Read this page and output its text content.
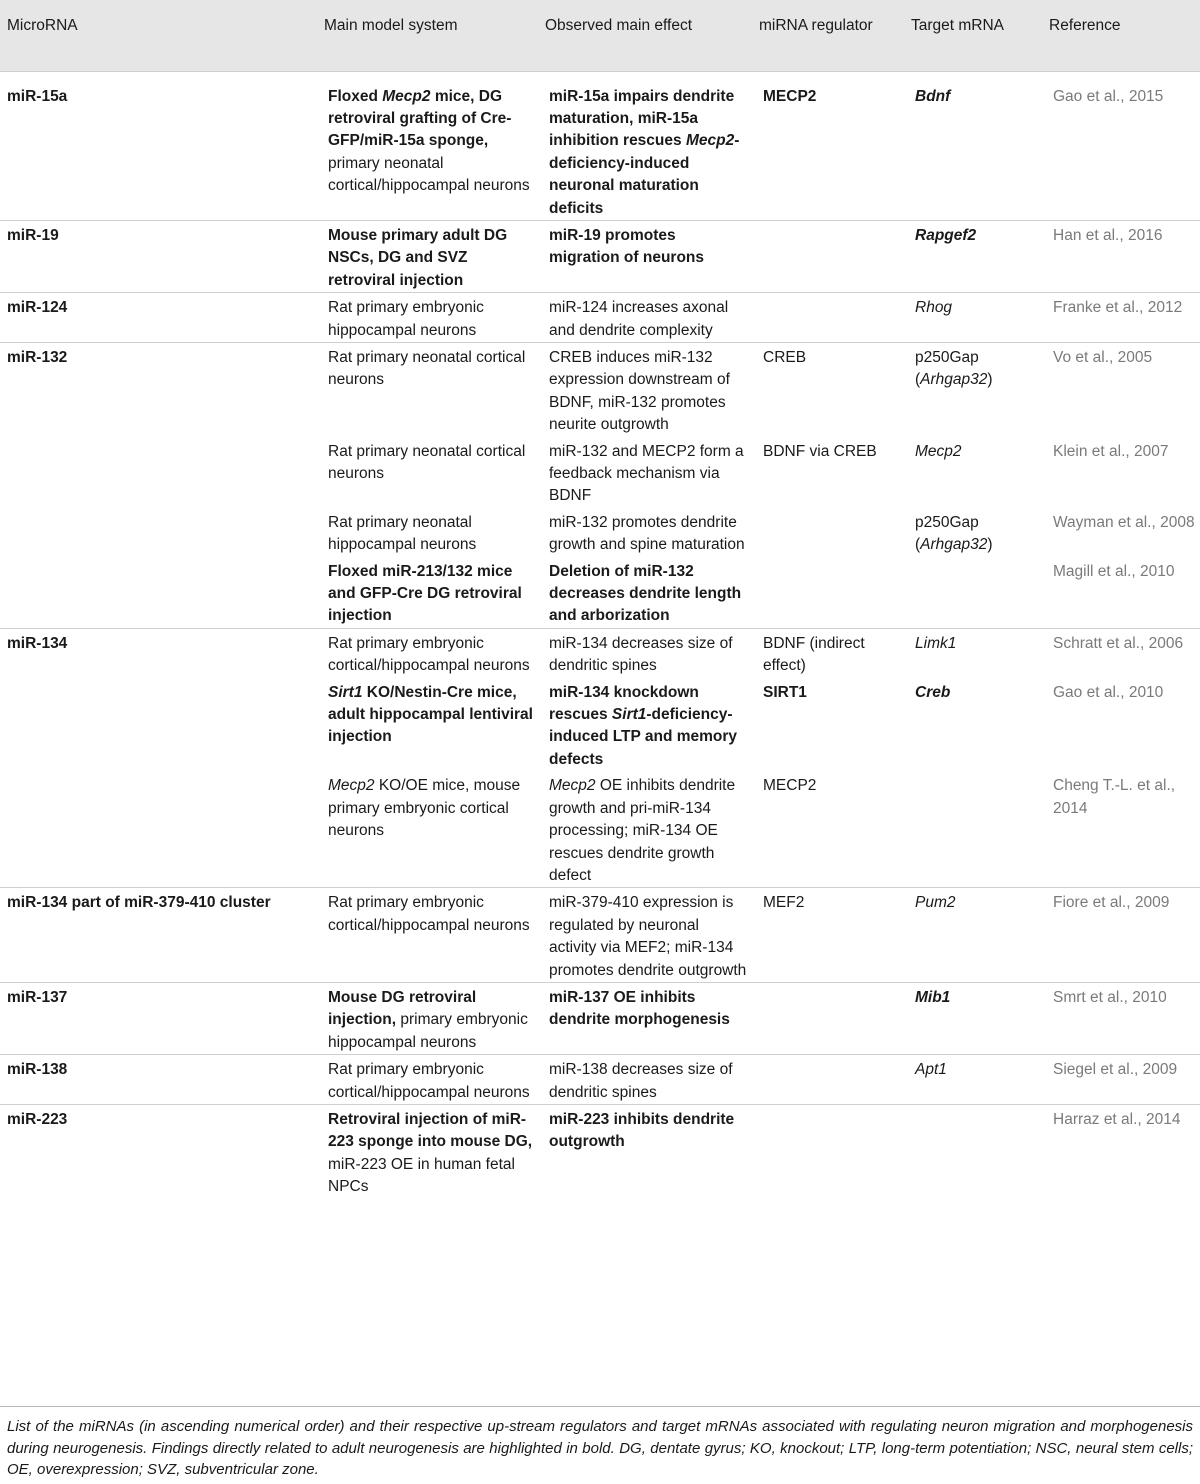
MicroRNA	Main model system	Observed main effect	miRNA regulator	Target mRNA	Reference
miR-15a	Floxed Mecp2 mice, DG retroviral grafting of Cre-GFP/miR-15a sponge, primary neonatal cortical/hippocampal neurons	miR-15a impairs dendrite maturation, miR-15a inhibition rescues Mecp2-deficiency-induced neuronal maturation deficits	MECP2	Bdnf	Gao et al., 2015
miR-19	Mouse primary adult DG NSCs, DG and SVZ retroviral injection	miR-19 promotes migration of neurons		Rapgef2	Han et al., 2016
miR-124	Rat primary embryonic hippocampal neurons	miR-124 increases axonal and dendrite complexity		Rhog	Franke et al., 2012
miR-132	Rat primary neonatal cortical neurons	CREB induces miR-132 expression downstream of BDNF, miR-132 promotes neurite outgrowth	CREB	p250Gap (Arhgap32)	Vo et al., 2005
	Rat primary neonatal cortical neurons	miR-132 and MECP2 form a feedback mechanism via BDNF	BDNF via CREB	Mecp2	Klein et al., 2007
	Rat primary neonatal hippocampal neurons	miR-132 promotes dendrite growth and spine maturation		p250Gap (Arhgap32)	Wayman et al., 2008
	Floxed miR-213/132 mice and GFP-Cre DG retroviral injection	Deletion of miR-132 decreases dendrite length and arborization			Magill et al., 2010
miR-134	Rat primary embryonic cortical/hippocampal neurons	miR-134 decreases size of dendritic spines	BDNF (indirect effect)	Limk1	Schratt et al., 2006
	Sirt1 KO/Nestin-Cre mice, adult hippocampal lentiviral injection	miR-134 knockdown rescues Sirt1-deficiency-induced LTP and memory defects	SIRT1	Creb	Gao et al., 2010
	Mecp2 KO/OE mice, mouse primary embryonic cortical neurons	Mecp2 OE inhibits dendrite growth and pri-miR-134 processing; miR-134 OE rescues dendrite growth defect	MECP2		Cheng T.-L. et al., 2014
miR-134 part of miR-379-410 cluster	Rat primary embryonic cortical/hippocampal neurons	miR-379-410 expression is regulated by neuronal activity via MEF2; miR-134 promotes dendrite outgrowth	MEF2	Pum2	Fiore et al., 2009
miR-137	Mouse DG retroviral injection, primary embryonic hippocampal neurons	miR-137 OE inhibits dendrite morphogenesis		Mib1	Smrt et al., 2010
miR-138	Rat primary embryonic cortical/hippocampal neurons	miR-138 decreases size of dendritic spines		Apt1	Siegel et al., 2009
miR-223	Retroviral injection of miR-223 sponge into mouse DG, miR-223 OE in human fetal NPCs	miR-223 inhibits dendrite outgrowth			Harraz et al., 2014
List of the miRNAs (in ascending numerical order) and their respective up-stream regulators and target mRNAs associated with regulating neuron migration and morphogenesis during neurogenesis. Findings directly related to adult neurogenesis are highlighted in bold. DG, dentate gyrus; KO, knockout; LTP, long-term potentiation; NSC, neural stem cells; OE, overexpression; SVZ, subventricular zone.
